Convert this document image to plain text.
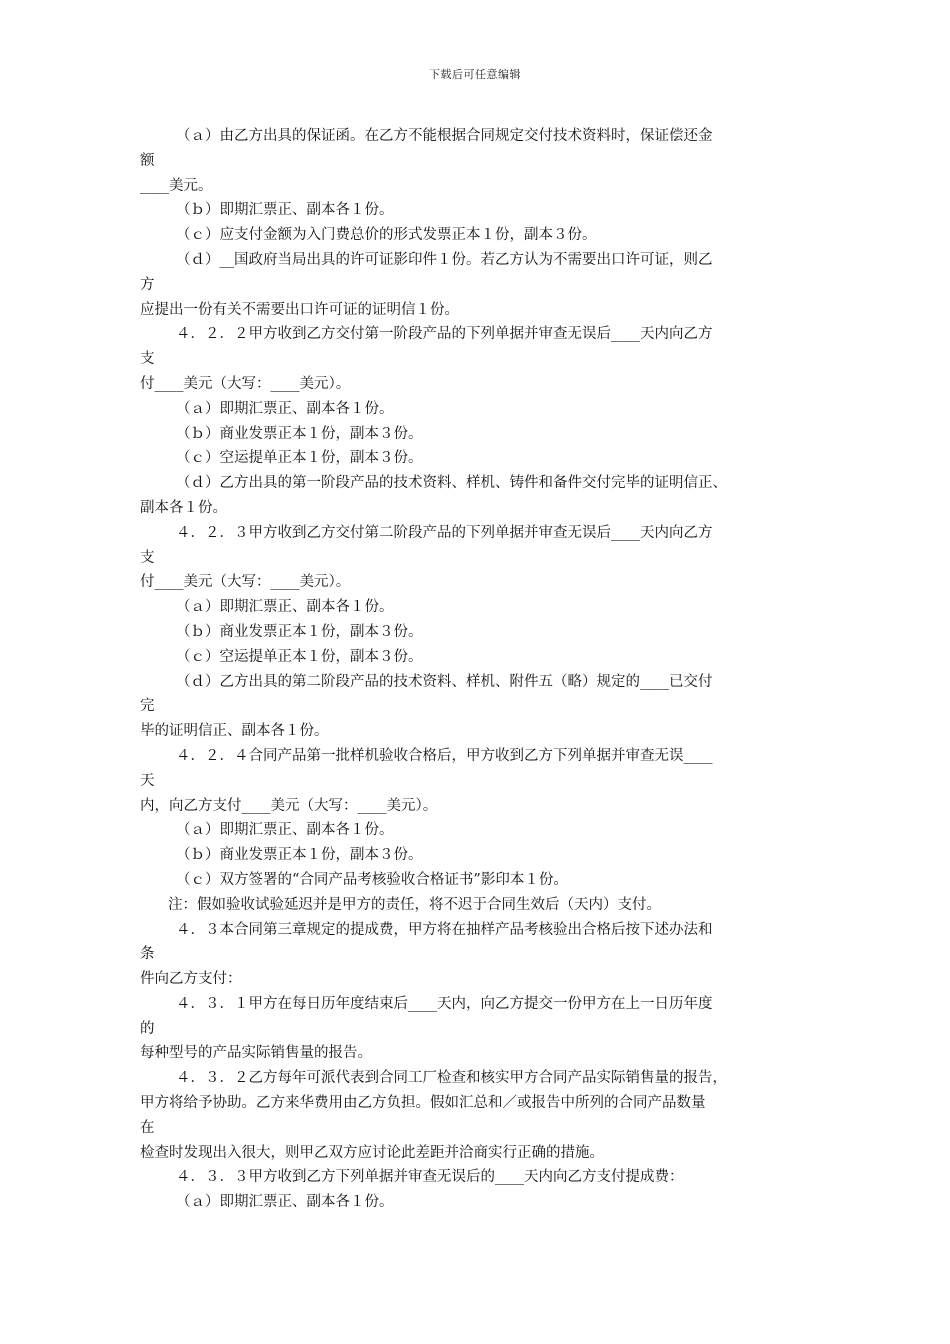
下载后可任意编辑
（ａ）由乙方出具的保证函。在乙方不能根据合同规定交付技术资料时，保证偿还金
额
____美元。
（ｂ）即期汇票正、副本各１份。
（ｃ）应支付金额为入门费总价的形式发票正本１份，副本３份。
（ｄ）__国政府当局出具的许可证影印件１份。若乙方认为不需要出口许可证，则乙
方
应提出一份有关不需要出口许可证的证明信１份。
４．２．２甲方收到乙方交付第一阶段产品的下列单据并审查无误后____天内向乙方
支
付____美元（大写：____美元）。
（ａ）即期汇票正、副本各１份。
（ｂ）商业发票正本１份，副本３份。
（ｃ）空运提单正本１份，副本３份。
（ｄ）乙方出具的第一阶段产品的技术资料、样机、铸件和备件交付完毕的证明信正、
副本各１份。
４．２．３甲方收到乙方交付第二阶段产品的下列单据并审查无误后____天内向乙方
支
付____美元（大写：____美元）。
（ａ）即期汇票正、副本各１份。
（ｂ）商业发票正本１份，副本３份。
（ｃ）空运提单正本１份，副本３份。
（ｄ）乙方出具的第二阶段产品的技术资料、样机、附件五（略）规定的____已交付
完
毕的证明信正、副本各１份。
４．２．４合同产品第一批样机验收合格后，甲方收到乙方下列单据并审查无误____
天
内，向乙方支付____美元（大写：____美元）。
（ａ）即期汇票正、副本各１份。
（ｂ）商业发票正本１份，副本３份。
（ｃ）双方签署的“合同产品考核验收合格证书”影印本１份。
注：假如验收试验延迟并是甲方的责任，将不迟于合同生效后（天内）支付。
４．３本合同第三章规定的提成费，甲方将在抽样产品考核验出合格后按下述办法和
条
件向乙方支付：
４．３．１甲方在每日历年度结束后____天内，向乙方提交一份甲方在上一日历年度
的
每种型号的产品实际销售量的报告。
４．３．２乙方每年可派代表到合同工厂检查和核实甲方合同产品实际销售量的报告，
甲方将给予协助。乙方来华费用由乙方负担。假如汇总和／或报告中所列的合同产品数量
在
检查时发现出入很大，则甲乙双方应讨论此差距并洽商实行正确的措施。
４．３．３甲方收到乙方下列单据并审查无误后的____天内向乙方支付提成费：
（ａ）即期汇票正、副本各１份。
